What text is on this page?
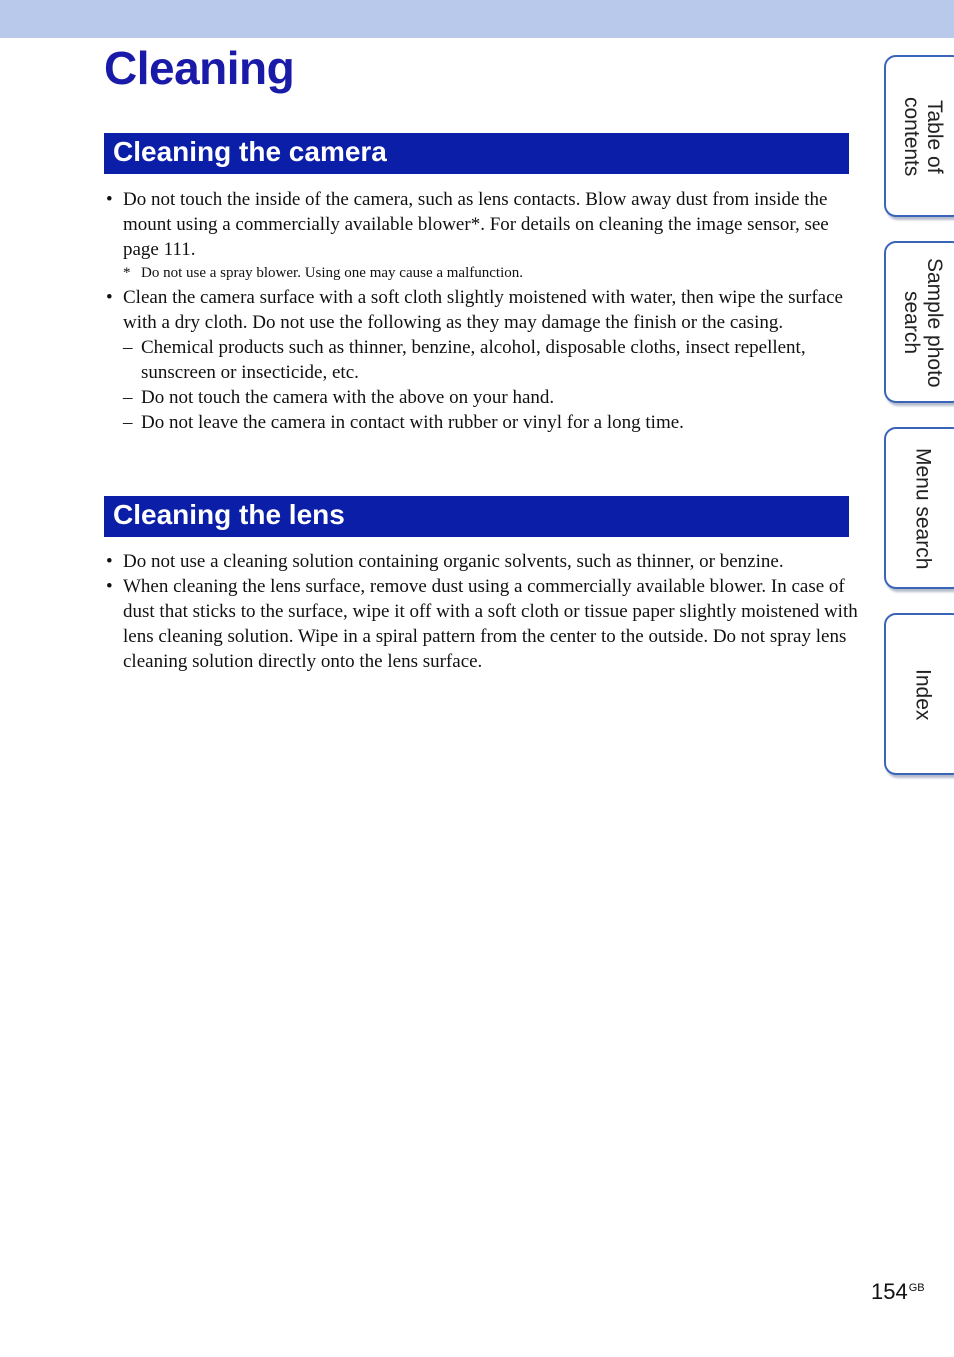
Cleaning
Cleaning the camera

• Do not touch the inside of the camera, such as lens contacts. Blow away dust from inside the mount using a commercially available blower*. For details on cleaning the image sensor, see page 111.

* Do not use a spray blower. Using one may cause a malfunction.

• Clean the camera surface with a soft cloth slightly moistened with water, then wipe the surface with a dry cloth. Do not use the following as they may damage the finish or the casing.

– Chemical products such as thinner, benzine, alcohol, disposable cloths, insect repellent, sunscreen or insecticide, etc.

– Do not touch the camera with the above on your hand.

– Do not leave the camera in contact with rubber or vinyl for a long time.

Cleaning the lens

• Do not use a cleaning solution containing organic solvents, such as thinner, or benzine.

• When cleaning the lens surface, remove dust using a commercially available blower. In case of dust that sticks to the surface, wipe it off with a soft cloth or tissue paper slightly moistened with lens cleaning solution. Wipe in a spiral pattern from the center to the outside. Do not spray lens cleaning solution directly onto the lens surface.

Table of contents
Sample photo search
Menu search
Index
$154^{GB}$
